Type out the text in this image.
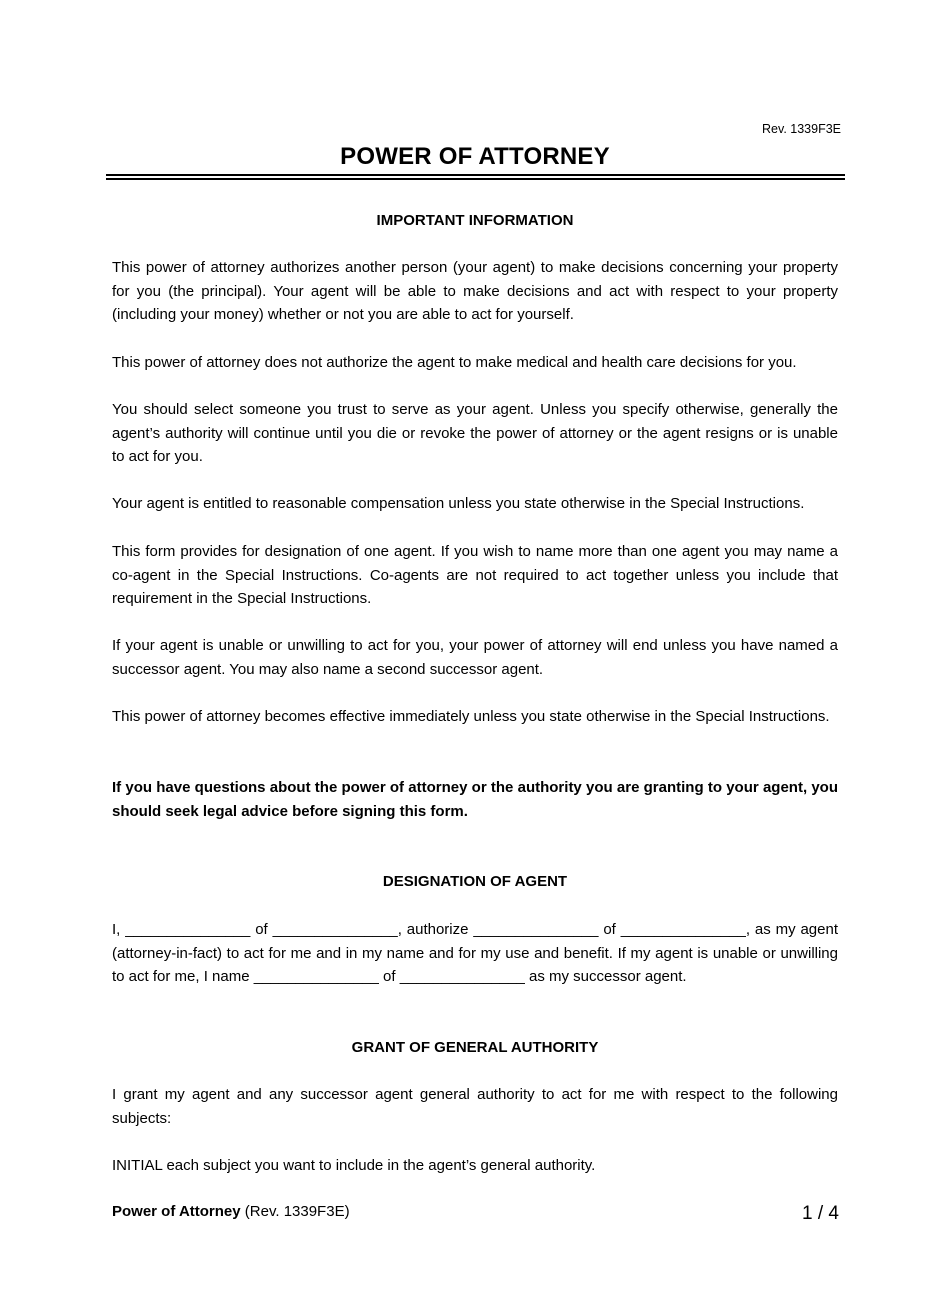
Rev. 1339F3E
POWER OF ATTORNEY
IMPORTANT INFORMATION

This power of attorney authorizes another person (your agent) to make decisions concerning your property for you (the principal). Your agent will be able to make decisions and act with respect to your property (including your money) whether or not you are able to act for yourself.

This power of attorney does not authorize the agent to make medical and health care decisions for you.

You should select someone you trust to serve as your agent. Unless you specify otherwise, generally the agent’s authority will continue until you die or revoke the power of attorney or the agent resigns or is unable to act for you.

Your agent is entitled to reasonable compensation unless you state otherwise in the Special Instructions.

This form provides for designation of one agent. If you wish to name more than one agent you may name a co-agent in the Special Instructions. Co-agents are not required to act together unless you include that requirement in the Special Instructions.

If your agent is unable or unwilling to act for you, your power of attorney will end unless you have named a successor agent. You may also name a second successor agent.

This power of attorney becomes effective immediately unless you state otherwise in the Special Instructions.

If you have questions about the power of attorney or the authority you are granting to your agent, you should seek legal advice before signing this form.

DESIGNATION OF AGENT

I, _______________ of _______________, authorize _______________ of _______________, as my agent (attorney-in-fact) to act for me and in my name and for my use and benefit. If my agent is unable or unwilling to act for me, I name _______________ of _______________ as my successor agent.

GRANT OF GENERAL AUTHORITY

I grant my agent and any successor agent general authority to act for me with respect to the following subjects:

INITIAL each subject you want to include in the agent’s general authority.

Power of Attorney (Rev. 1339F3E)	1 / 4
